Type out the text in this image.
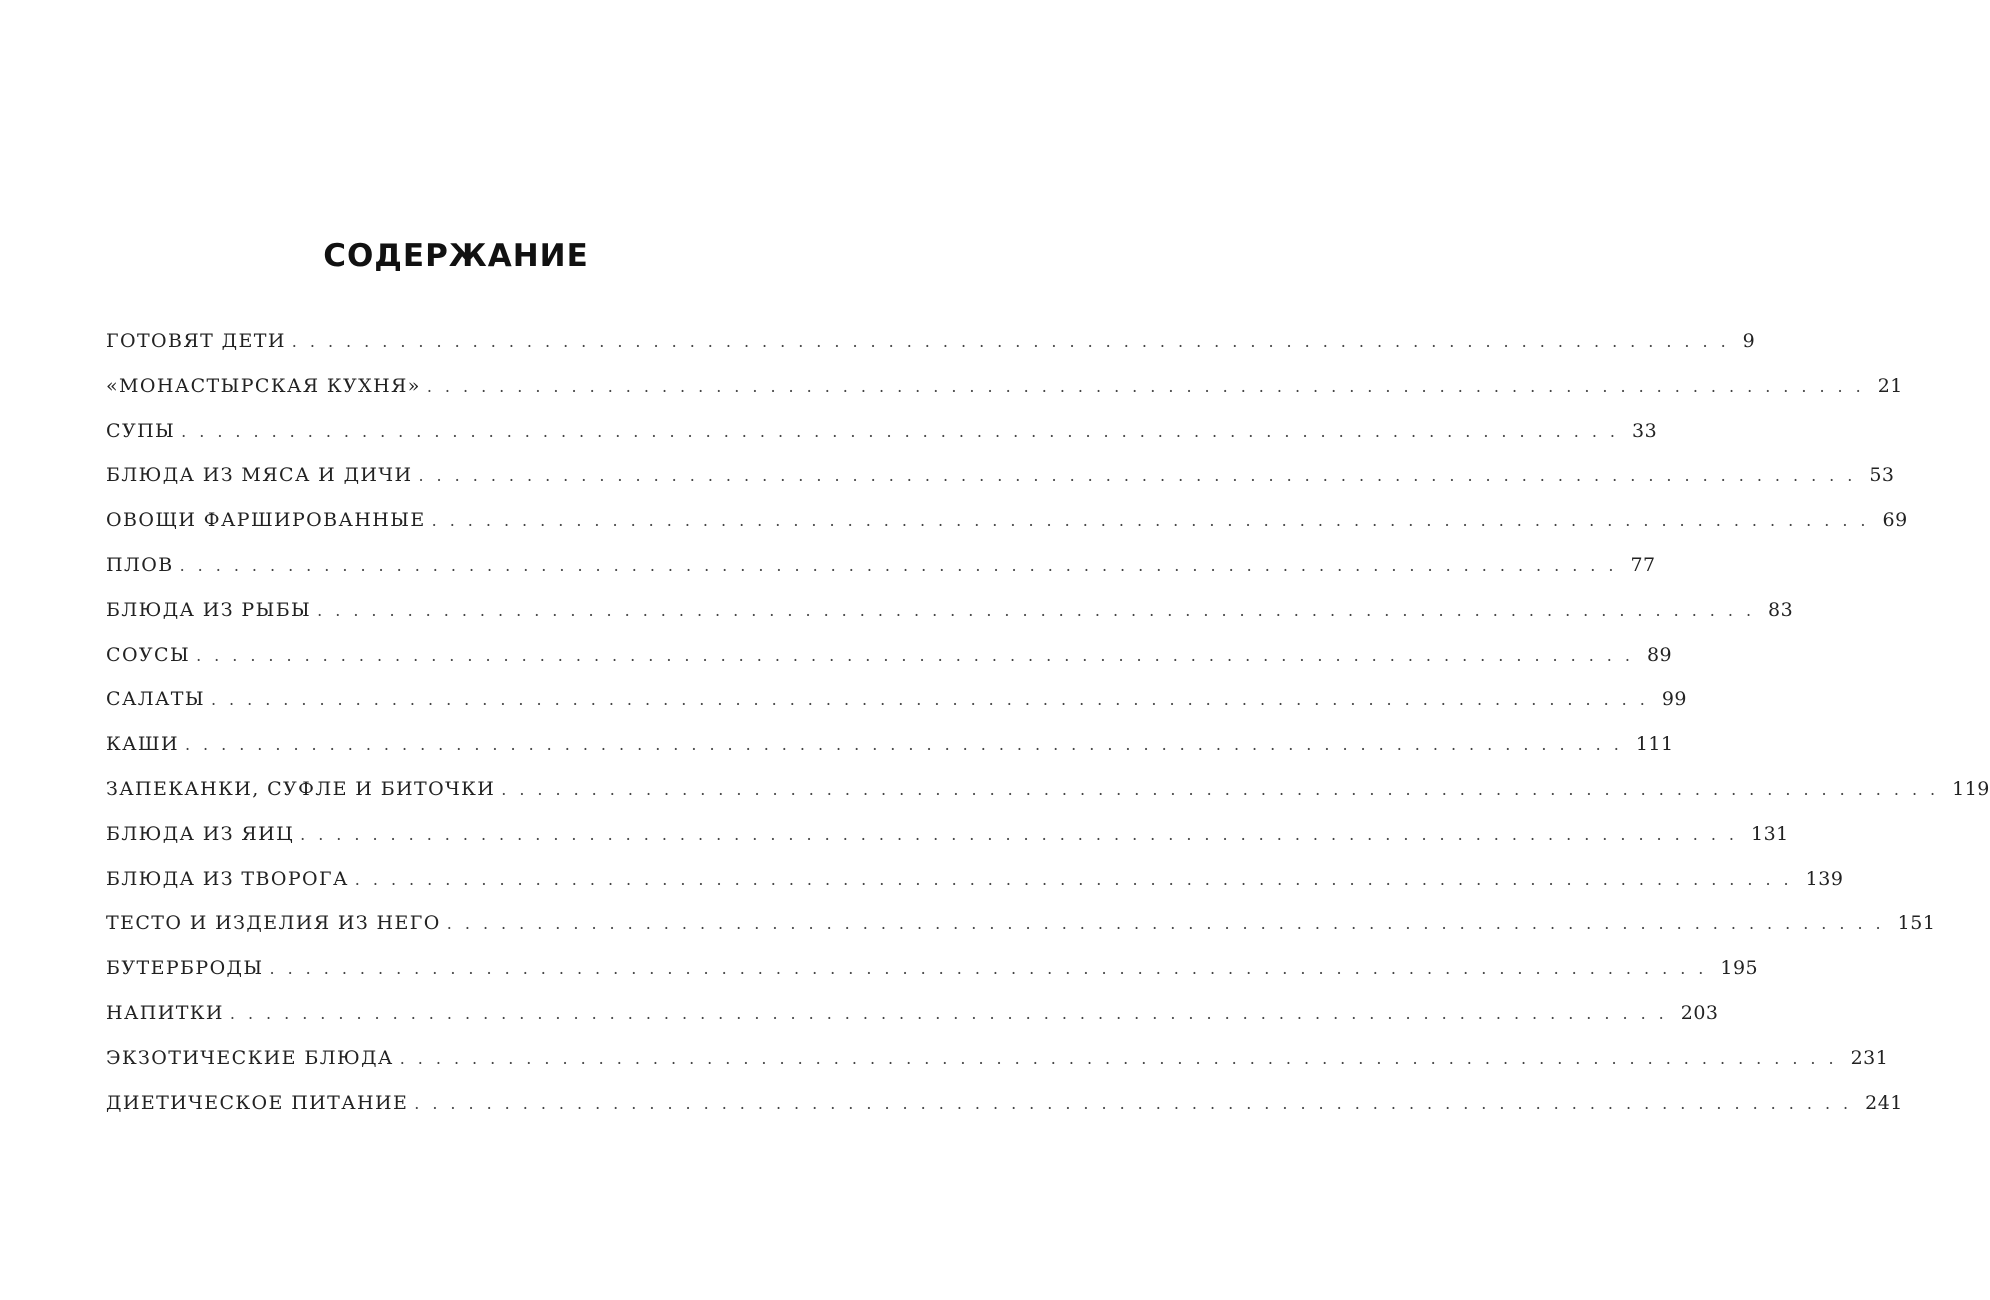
СОДЕРЖАНИЕ
ГОТОВЯТ ДЕТИ ................................................................................ 9
«МОНАСТЫРСКАЯ КУХНЯ» ................................................................................ 21
СУПЫ ................................................................................ 33
БЛЮДА ИЗ МЯСА И ДИЧИ ................................................................................ 53
ОВОЩИ ФАРШИРОВАННЫЕ ................................................................................ 69
ПЛОВ ................................................................................ 77
БЛЮДА ИЗ РЫБЫ ................................................................................ 83
СОУСЫ ................................................................................ 89
САЛАТЫ ................................................................................ 99
КАШИ ................................................................................ 111
ЗАПЕКАНКИ, СУФЛЕ И БИТОЧКИ ................................................................................ 119
БЛЮДА ИЗ ЯИЦ ................................................................................ 131
БЛЮДА ИЗ ТВОРОГА ................................................................................ 139
ТЕСТО И ИЗДЕЛИЯ ИЗ НЕГО ................................................................................ 151
БУТЕРБРОДЫ ................................................................................ 195
НАПИТКИ ................................................................................ 203
ЭКЗОТИЧЕСКИЕ БЛЮДА ................................................................................ 231
ДИЕТИЧЕСКОЕ ПИТАНИЕ ................................................................................ 241
